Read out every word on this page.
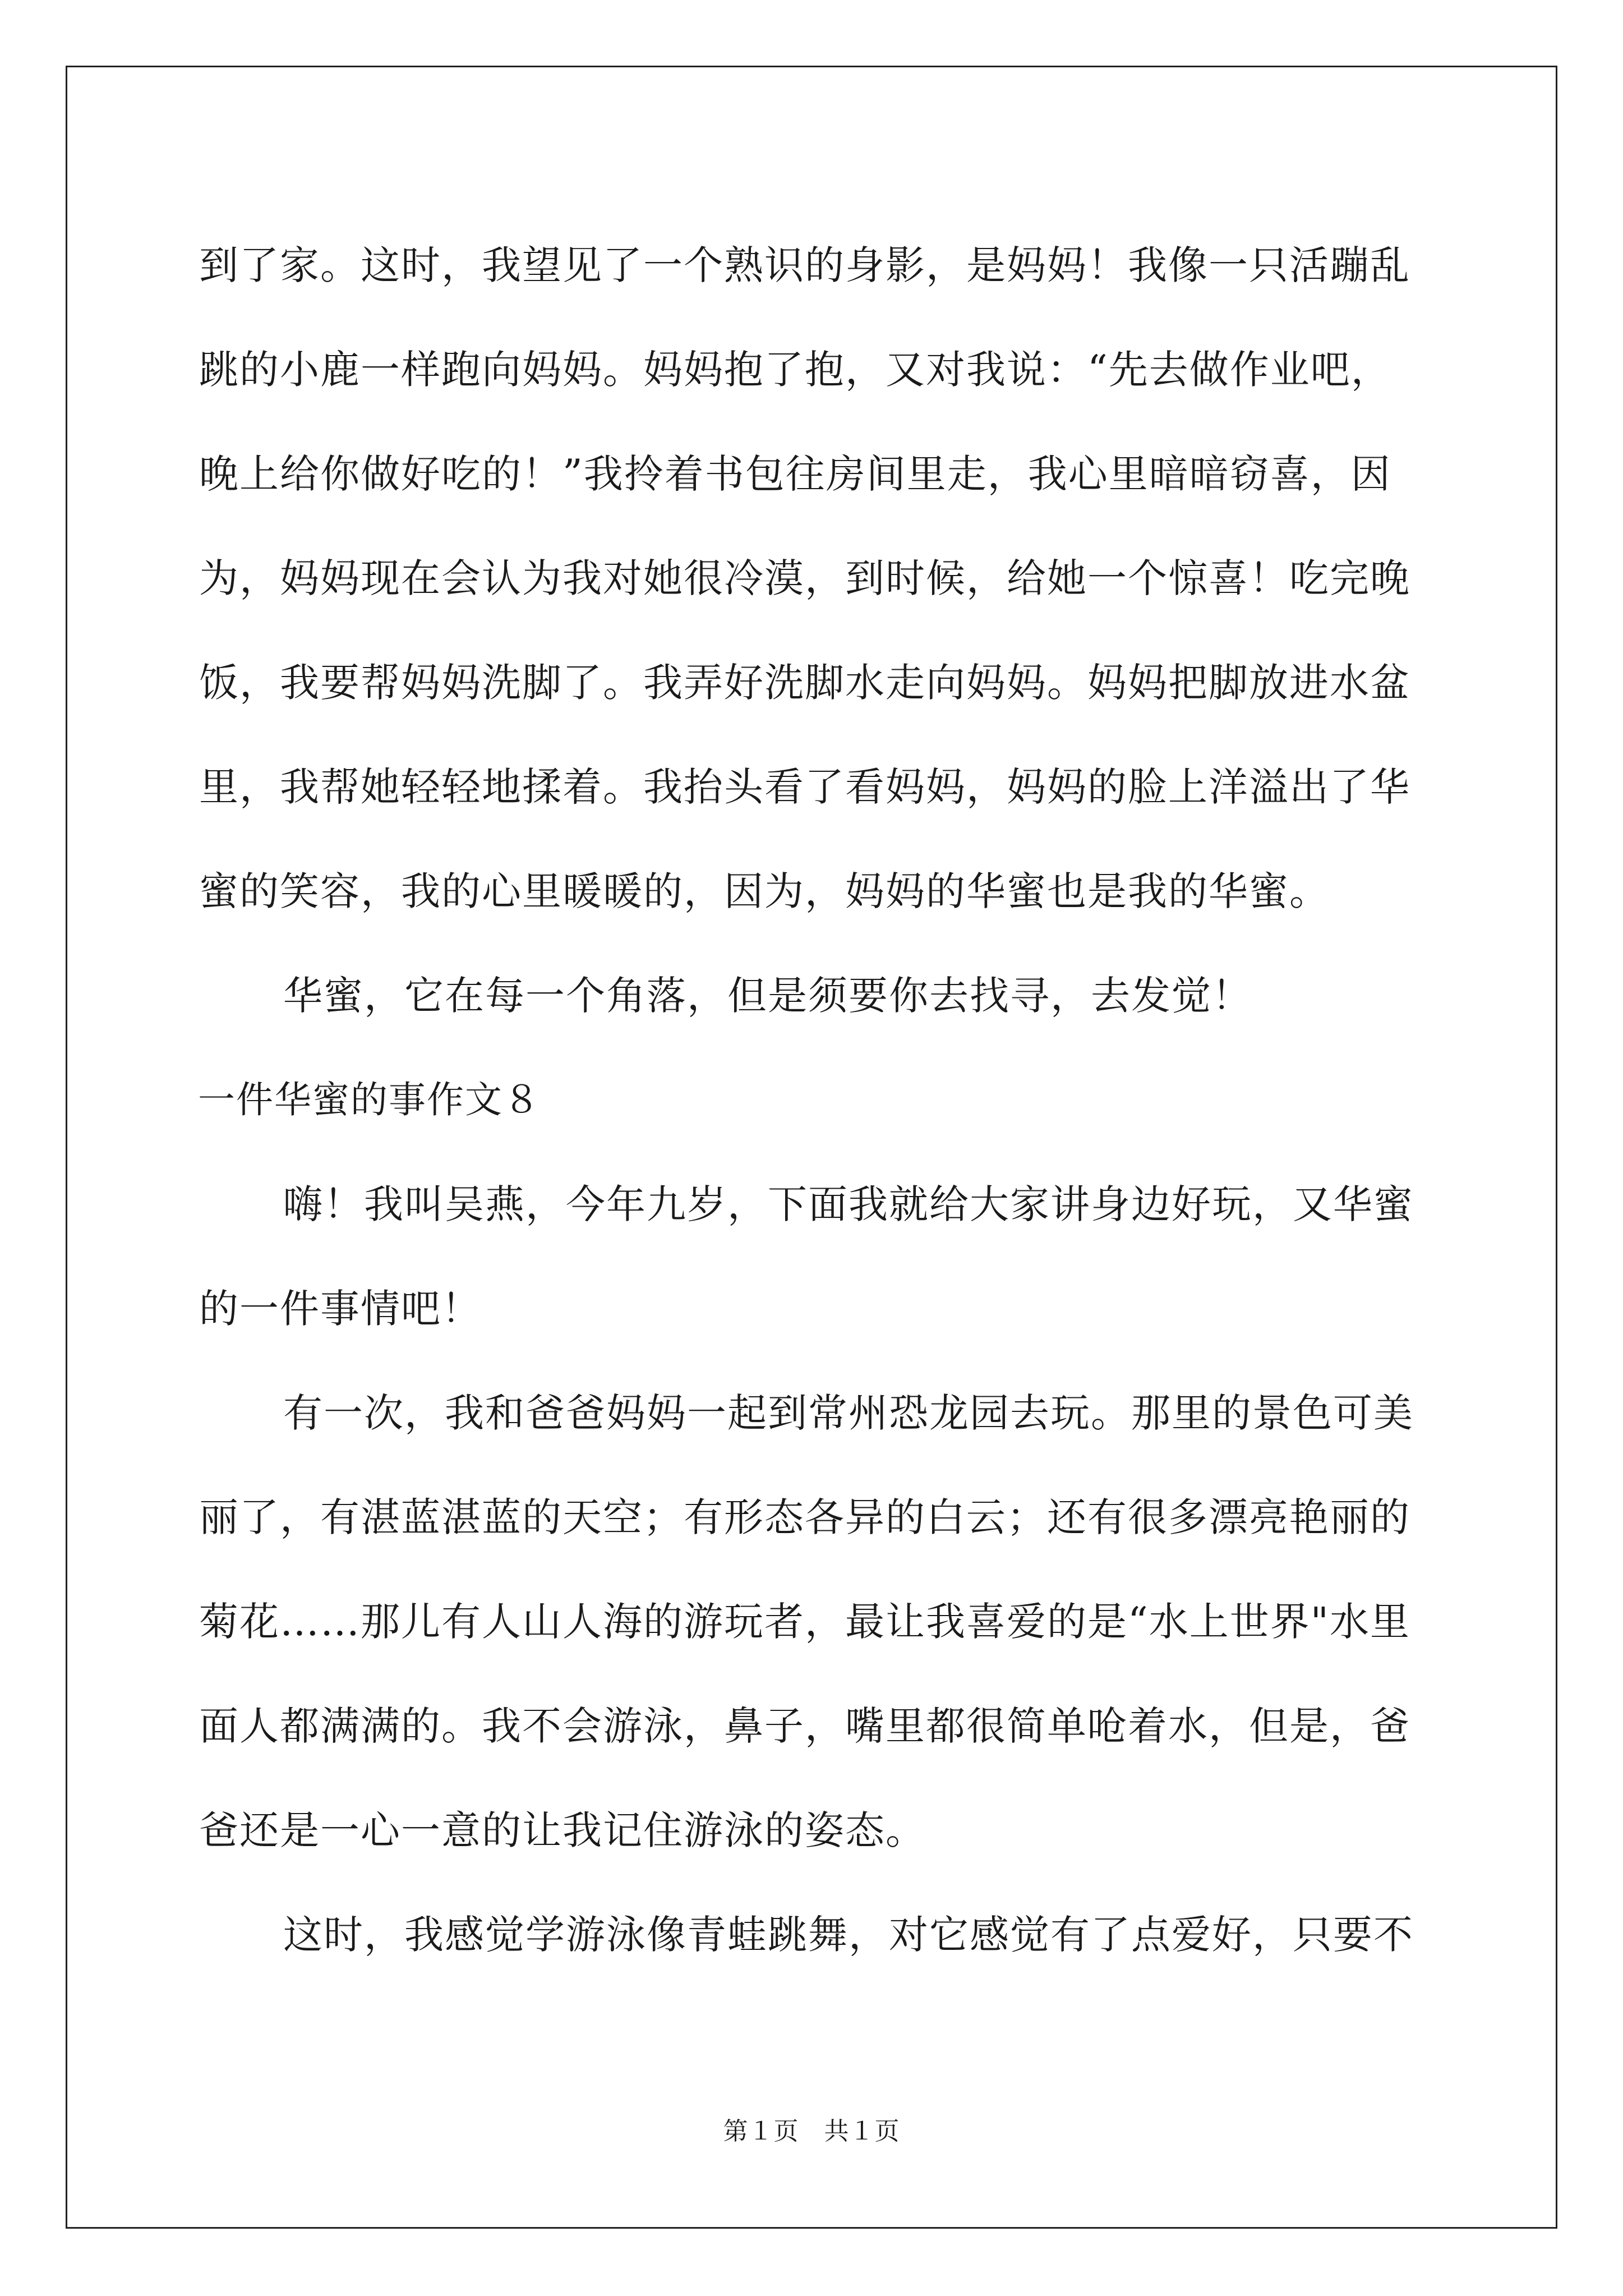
到了家。这时，我望见了一个熟识的身影，是妈妈！我像一只活蹦乱
跳的小鹿一样跑向妈妈。妈妈抱了抱，又对我说：“先去做作业吧，
晚上给你做好吃的！”我拎着书包往房间里走，我心里暗暗窃喜，因
为，妈妈现在会认为我对她很冷漠，到时候，给她一个惊喜！吃完晚
饭，我要帮妈妈洗脚了。我弄好洗脚水走向妈妈。妈妈把脚放进水盆
里，我帮她轻轻地揉着。我抬头看了看妈妈，妈妈的脸上洋溢出了华
蜜的笑容，我的心里暖暖的，因为，妈妈的华蜜也是我的华蜜。
华蜜，它在每一个角落，但是须要你去找寻，去发觉！
一件华蜜的事作文８
嗨！我叫吴燕，今年九岁，下面我就给大家讲身边好玩，又华蜜
的一件事情吧！
有一次，我和爸爸妈妈一起到常州恐龙园去玩。那里的景色可美
丽了，有湛蓝湛蓝的天空；有形态各异的白云；还有很多漂亮艳丽的
菊花……那儿有人山人海的游玩者，最让我喜爱的是“水上世界"水里
面人都满满的。我不会游泳，鼻子，嘴里都很简单呛着水，但是，爸
爸还是一心一意的让我记住游泳的姿态。
这时，我感觉学游泳像青蛙跳舞，对它感觉有了点爱好，只要不
第１页　共１页
